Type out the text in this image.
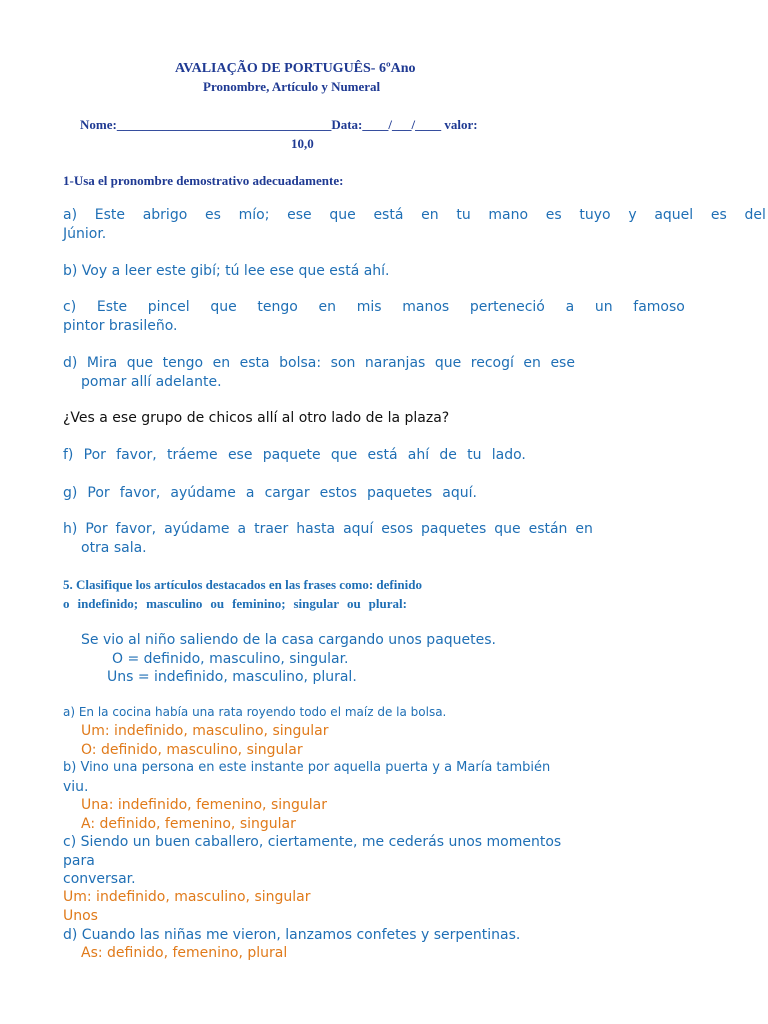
AVALIAÇÃO DE PORTUGUÊS- 6ºAno
Pronombre, Artículo y Numeral
Nome:_________________________________Data:____/___/____ valor:
10,0
1-Usa el pronombre demostrativo adecuadamente:
a) Este abrigo es mío; ese que está en tu mano es tuyo y aquel es del
Júnior.
b) Voy a leer este gibí; tú lee ese que está ahí.
c) Este pincel que tengo en mis manos perteneció a un famoso
pintor brasileño.
d) Mira que tengo en esta bolsa: son naranjas que recogí en ese
pomar allí adelante.
¿Ves a ese grupo de chicos allí al otro lado de la plaza?
f) Por favor, tráeme ese paquete que está ahí de tu lado.
g) Por favor, ayúdame a cargar estos paquetes aquí.
h) Por favor, ayúdame a traer hasta aquí esos paquetes que están en
otra sala.
5. Clasifique los artículos destacados en las frases como: definido
o indefinido; masculino ou feminino; singular ou plural:
Se vio al niño saliendo de la casa cargando unos paquetes.
O = definido, masculino, singular.
Uns = indefinido, masculino, plural.
a) En la cocina había una rata royendo todo el maíz de la bolsa.
Um: indefinido, masculino, singular
O: definido, masculino, singular
b) Vino una persona en este instante por aquella puerta y a María también
viu.
Una: indefinido, femenino, singular
A: definido, femenino, singular
c) Siendo un buen caballero, ciertamente, me cederás unos momentos
para
conversar.
Um: indefinido, masculino, singular
Unos
d) Cuando las niñas me vieron, lanzamos confetes y serpentinas.
As: definido, femenino, plural
